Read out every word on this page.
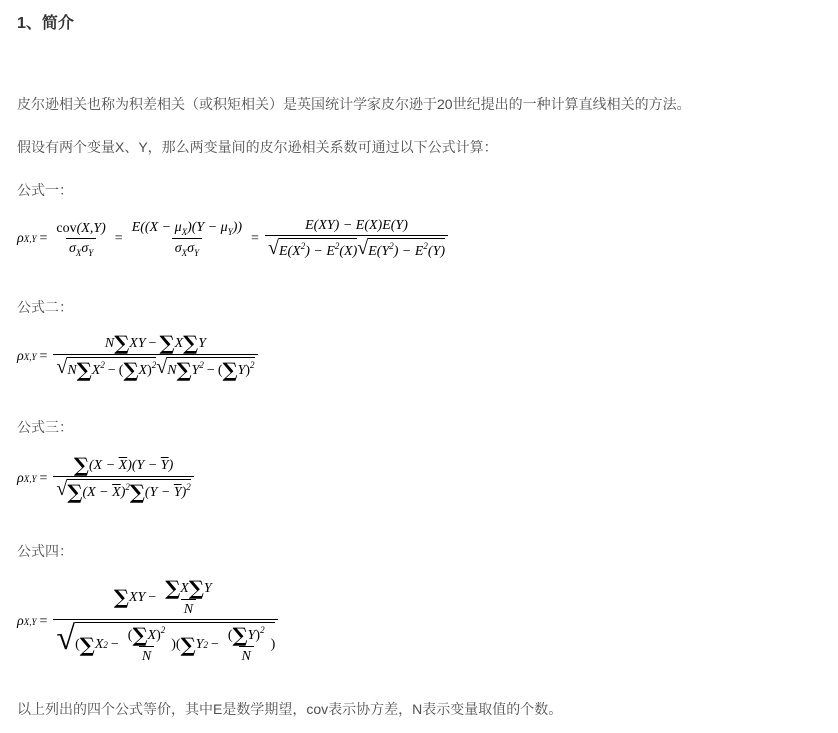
1、简介

皮尔逊相关也称为积差相关（或积矩相关）是英国统计学家皮尔逊于20世纪提出的一种计算直线相关的方法。

假设有两个变量X、Y，那么两变量间的皮尔逊相关系数可通过以下公式计算：

公式一：

ρ $X,Y = \frac{\text{cov(X,Y)}}{\sigma_X\sigma_Y} = \frac{E((X - \mu_X)(Y - \mu_Y))}{\sigma_X\sigma_Y} = \frac{E(XY) - E(X)E(Y)}{√ E(X^2) - E^2(X) √ E(Y^2) - E^2(Y)}$

公式二：

ρ $X,Y = \frac{N\sum XY - \sum X\sum Y}{√ N\sum X^2 - (\sum X)^2 √ N\sum Y^2 - (\sum Y)^2}$

公式三：

ρ $X,Y = \frac{\sum(X - \overline{X})(Y - \overline{Y})}{√ \sum(X - \overline{X})^2\sum(Y - \overline{Y})^2}$

公式四：

ρ $X,Y = \frac{\sum XY - \frac{\sum X\sum Y}{N}}{√ ( \sum X 2 - \frac{(\sum X)^2}{N} ) ( \sum Y 2 - \frac{(\sum Y)^2}{N} )}$

以上列出的四个公式等价，其中E是数学期望，cov表示协方差，N表示变量取值的个数。
